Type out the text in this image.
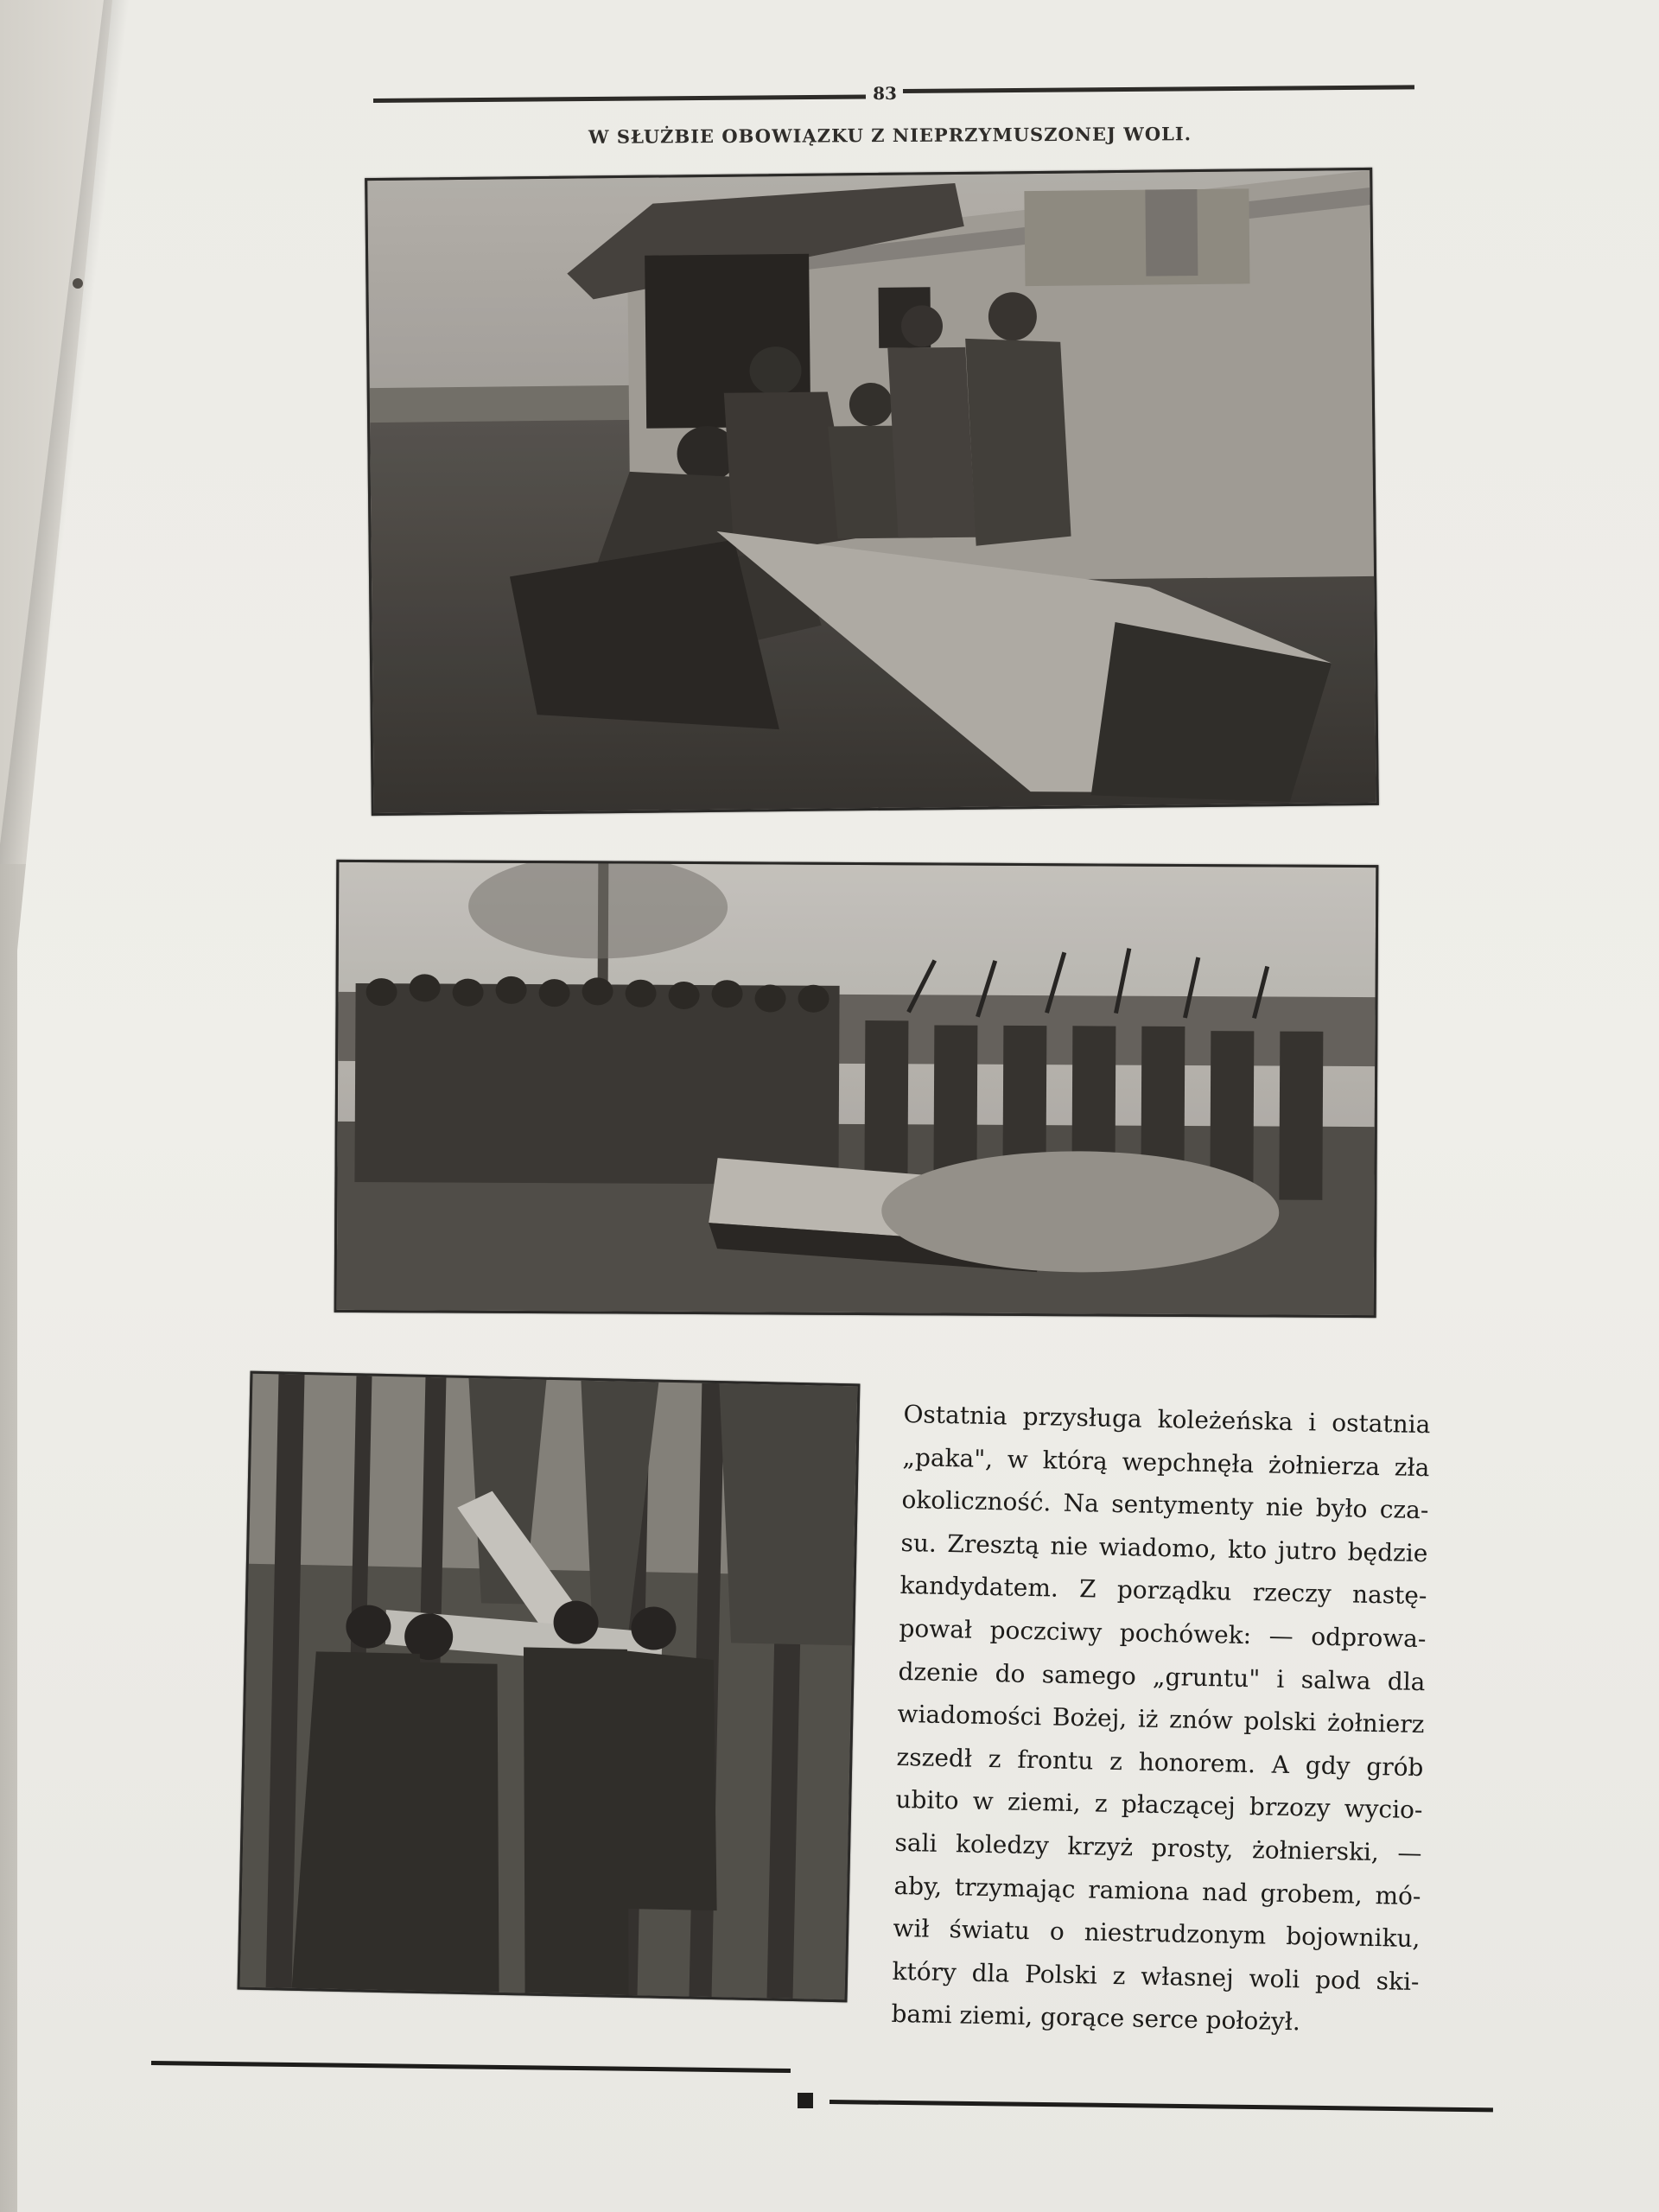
83
W SŁUŻBIE OBOWIĄZKU Z NIEPRZYMUSZONEJ WOLI.
Ostatnia przysługa koleżeńska i ostatnia
„paka", w którą wepchnęła żołnierza zła
okoliczność. Na sentymenty nie było cza-
su. Zresztą nie wiadomo, kto jutro będzie
kandydatem. Z porządku rzeczy nastę-
pował poczciwy pochówek: — odprowa-
dzenie do samego „gruntu" i salwa dla
wiadomości Bożej, iż znów polski żołnierz
zszedł z frontu z honorem. A gdy grób
ubito w ziemi, z płaczącej brzozy wycio-
sali koledzy krzyż prosty, żołnierski, —
aby, trzymając ramiona nad grobem, mó-
wił światu o niestrudzonym bojowniku,
który dla Polski z własnej woli pod ski-
bami ziemi, gorące serce położył.
